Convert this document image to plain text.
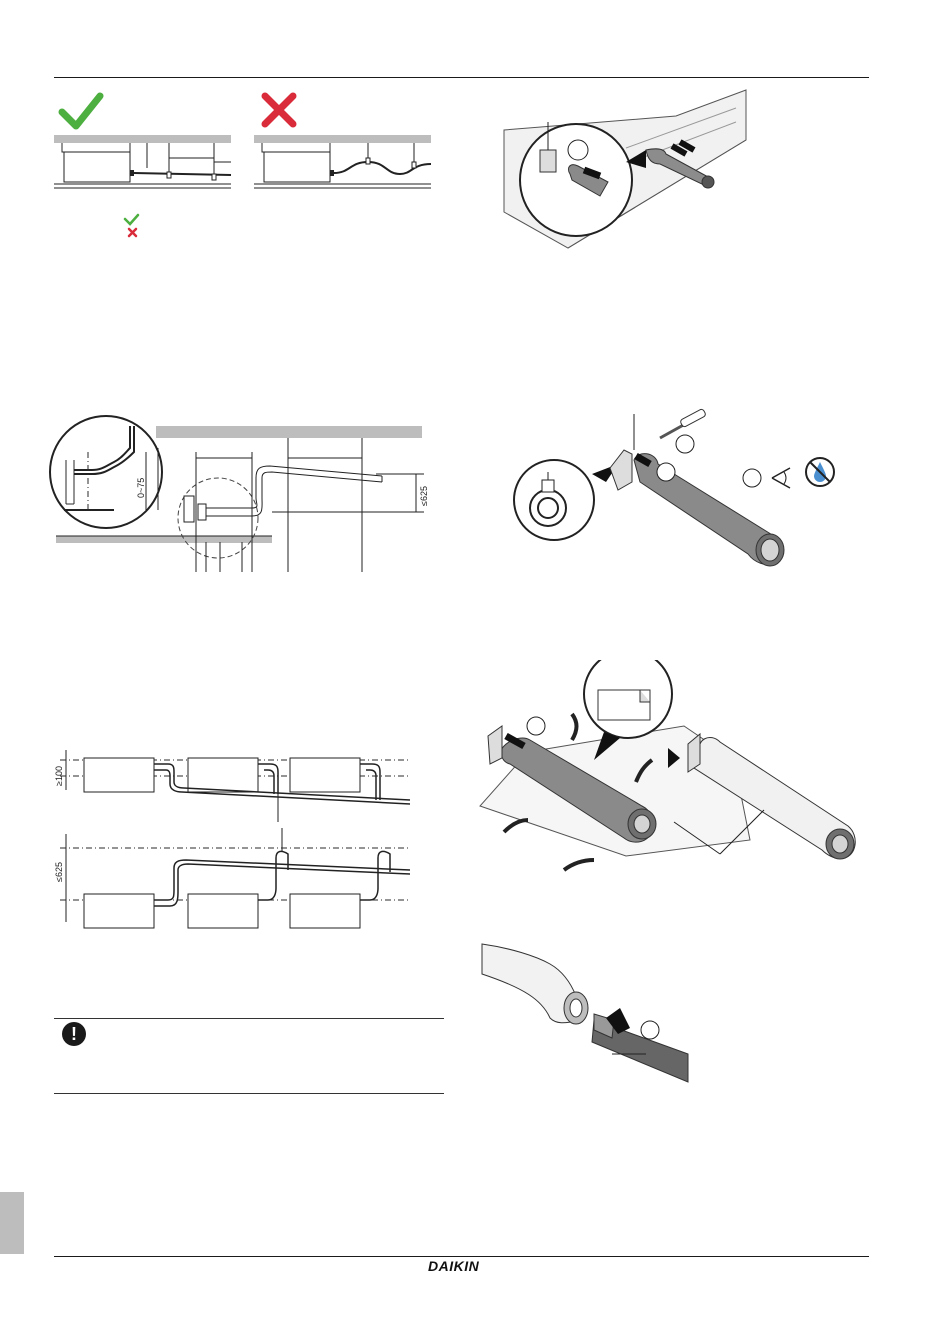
0~75	≤625
≥100
≤625
!
DAIKIN
